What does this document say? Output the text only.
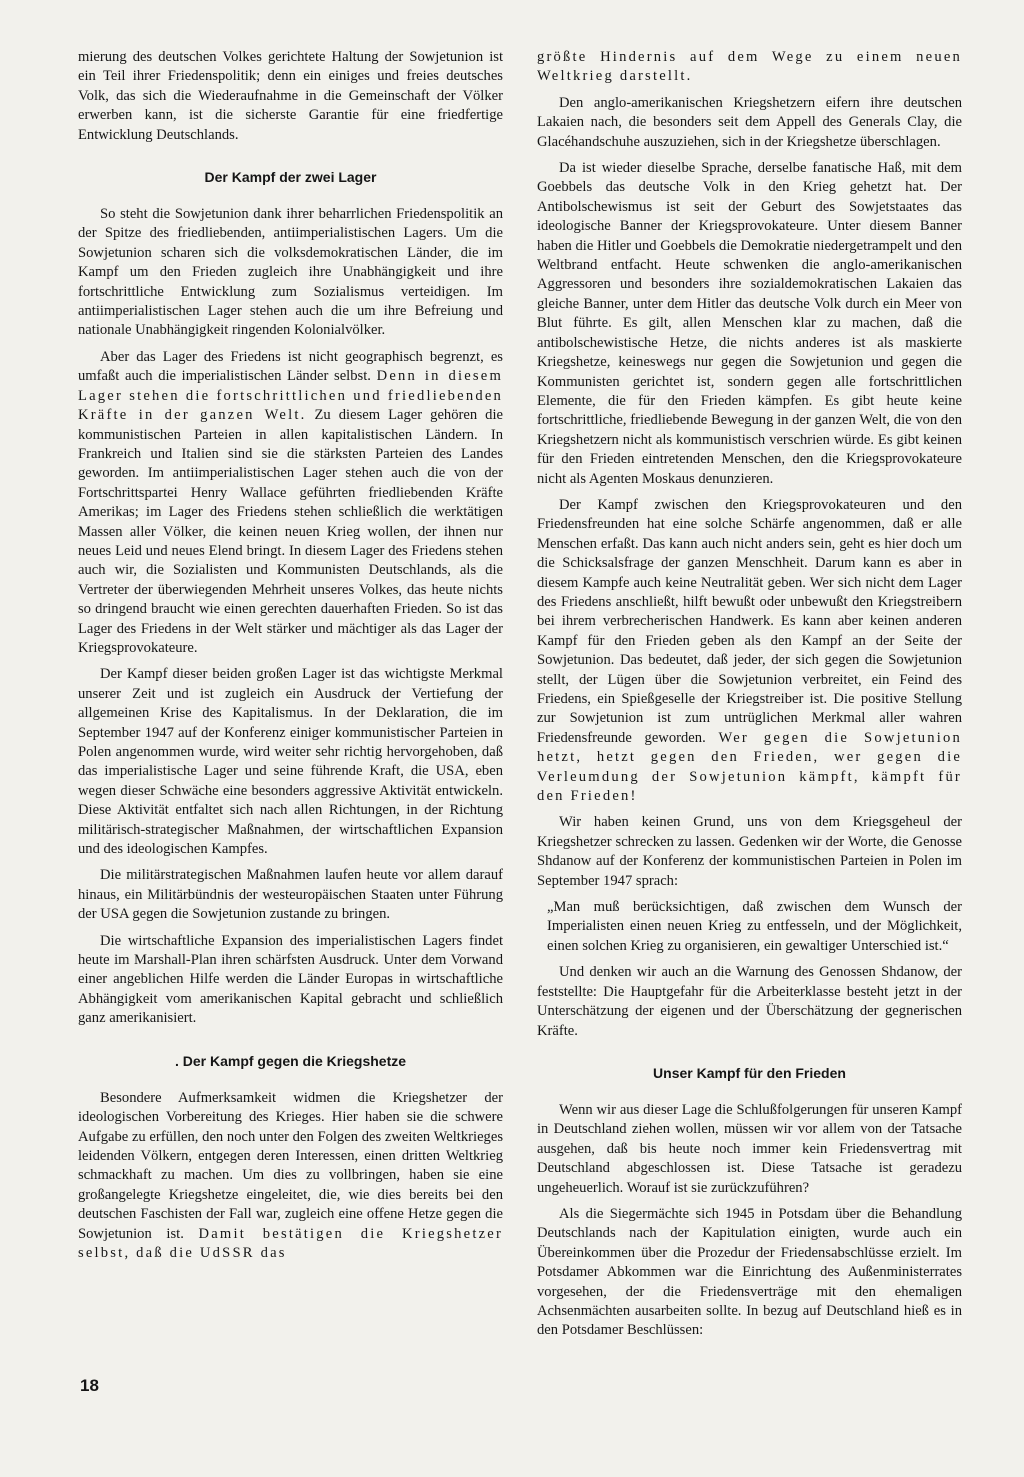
mierung des deutschen Volkes gerichtete Haltung der Sowjetunion ist ein Teil ihrer Friedenspolitik; denn ein einiges und freies deutsches Volk, das sich die Wiederaufnahme in die Gemeinschaft der Völker erwerben kann, ist die sicherste Garantie für eine friedfertige Entwicklung Deutschlands.

Der Kampf der zwei Lager

So steht die Sowjetunion dank ihrer beharrlichen Friedenspolitik an der Spitze des friedliebenden, antiimperialistischen Lagers. Um die Sowjetunion scharen sich die volksdemokratischen Länder, die im Kampf um den Frieden zugleich ihre Unabhängigkeit und ihre fortschrittliche Entwicklung zum Sozialismus verteidigen. Im antiimperialistischen Lager stehen auch die um ihre Befreiung und nationale Unabhängigkeit ringenden Kolonialvölker.

Aber das Lager des Friedens ist nicht geographisch begrenzt, es umfaßt auch die imperialistischen Länder selbst. Denn in diesem Lager stehen die fortschrittlichen und friedliebenden Kräfte in der ganzen Welt. Zu diesem Lager gehören die kommunistischen Parteien in allen kapitalistischen Ländern. In Frankreich und Italien sind sie die stärksten Parteien des Landes geworden. Im antiimperialistischen Lager stehen auch die von der Fortschrittspartei Henry Wallace geführten friedliebenden Kräfte Amerikas; im Lager des Friedens stehen schließlich die werktätigen Massen aller Völker, die keinen neuen Krieg wollen, der ihnen nur neues Leid und neues Elend bringt. In diesem Lager des Friedens stehen auch wir, die Sozialisten und Kommunisten Deutschlands, als die Vertreter der überwiegenden Mehrheit unseres Volkes, das heute nichts so dringend braucht wie einen gerechten dauerhaften Frieden. So ist das Lager des Friedens in der Welt stärker und mächtiger als das Lager der Kriegsprovokateure.

Der Kampf dieser beiden großen Lager ist das wichtigste Merkmal unserer Zeit und ist zugleich ein Ausdruck der Vertiefung der allgemeinen Krise des Kapitalismus. In der Deklaration, die im September 1947 auf der Konferenz einiger kommunistischer Parteien in Polen angenommen wurde, wird weiter sehr richtig hervorgehoben, daß das imperialistische Lager und seine führende Kraft, die USA, eben wegen dieser Schwäche eine besonders aggressive Aktivität entwickeln. Diese Aktivität entfaltet sich nach allen Richtungen, in der Richtung militärisch-strategischer Maßnahmen, der wirtschaftlichen Expansion und des ideologischen Kampfes.

Die militärstrategischen Maßnahmen laufen heute vor allem darauf hinaus, ein Militärbündnis der westeuropäischen Staaten unter Führung der USA gegen die Sowjetunion zustande zu bringen.

Die wirtschaftliche Expansion des imperialistischen Lagers findet heute im Marshall-Plan ihren schärfsten Ausdruck. Unter dem Vorwand einer angeblichen Hilfe werden die Länder Europas in wirtschaftliche Abhängigkeit vom amerikanischen Kapital gebracht und schließlich ganz amerikanisiert.

. Der Kampf gegen die Kriegshetze

Besondere Aufmerksamkeit widmen die Kriegshetzer der ideologischen Vorbereitung des Krieges. Hier haben sie die schwere Aufgabe zu erfüllen, den noch unter den Folgen des zweiten Weltkrieges leidenden Völkern, entgegen deren Interessen, einen dritten Weltkrieg schmackhaft zu machen. Um dies zu vollbringen, haben sie eine großangelegte Kriegshetze eingeleitet, die, wie dies bereits bei den deutschen Faschisten der Fall war, zugleich eine offene Hetze gegen die Sowjetunion ist. Damit bestätigen die Kriegshetzer selbst, daß die UdSSR das

größte Hindernis auf dem Wege zu einem neuen Weltkrieg darstellt.

Den anglo-amerikanischen Kriegshetzern eifern ihre deutschen Lakaien nach, die besonders seit dem Appell des Generals Clay, die Glacéhandschuhe auszuziehen, sich in der Kriegshetze überschlagen.

Da ist wieder dieselbe Sprache, derselbe fanatische Haß, mit dem Goebbels das deutsche Volk in den Krieg gehetzt hat. Der Antibolschewismus ist seit der Geburt des Sowjetstaates das ideologische Banner der Kriegsprovokateure. Unter diesem Banner haben die Hitler und Goebbels die Demokratie niedergetrampelt und den Weltbrand entfacht. Heute schwenken die anglo-amerikanischen Aggressoren und besonders ihre sozialdemokratischen Lakaien das gleiche Banner, unter dem Hitler das deutsche Volk durch ein Meer von Blut führte. Es gilt, allen Menschen klar zu machen, daß die antibolschewistische Hetze, die nichts anderes ist als maskierte Kriegshetze, keineswegs nur gegen die Sowjetunion und gegen die Kommunisten gerichtet ist, sondern gegen alle fortschrittlichen Elemente, die für den Frieden kämpfen. Es gibt heute keine fortschrittliche, friedliebende Bewegung in der ganzen Welt, die von den Kriegshetzern nicht als kommunistisch verschrien würde. Es gibt keinen für den Frieden eintretenden Menschen, den die Kriegsprovokateure nicht als Agenten Moskaus denunzieren.

Der Kampf zwischen den Kriegsprovokateuren und den Friedensfreunden hat eine solche Schärfe angenommen, daß er alle Menschen erfaßt. Das kann auch nicht anders sein, geht es hier doch um die Schicksalsfrage der ganzen Menschheit. Darum kann es aber in diesem Kampfe auch keine Neutralität geben. Wer sich nicht dem Lager des Friedens anschließt, hilft bewußt oder unbewußt den Kriegstreibern bei ihrem verbrecherischen Handwerk. Es kann aber keinen anderen Kampf für den Frieden geben als den Kampf an der Seite der Sowjetunion. Das bedeutet, daß jeder, der sich gegen die Sowjetunion stellt, der Lügen über die Sowjetunion verbreitet, ein Feind des Friedens, ein Spießgeselle der Kriegstreiber ist. Die positive Stellung zur Sowjetunion ist zum untrüglichen Merkmal aller wahren Friedensfreunde geworden. Wer gegen die Sowjetunion hetzt, hetzt gegen den Frieden, wer gegen die Verleumdung der Sowjetunion kämpft, kämpft für den Frieden!

Wir haben keinen Grund, uns von dem Kriegsgeheul der Kriegshetzer schrecken zu lassen. Gedenken wir der Worte, die Genosse Shdanow auf der Konferenz der kommunistischen Parteien in Polen im September 1947 sprach:

„Man muß berücksichtigen, daß zwischen dem Wunsch der Imperialisten einen neuen Krieg zu entfesseln, und der Möglichkeit, einen solchen Krieg zu organisieren, ein gewaltiger Unterschied ist.“

Und denken wir auch an die Warnung des Genossen Shdanow, der feststellte: Die Hauptgefahr für die Arbeiterklasse besteht jetzt in der Unterschätzung der eigenen und der Überschätzung der gegnerischen Kräfte.

Unser Kampf für den Frieden

Wenn wir aus dieser Lage die Schlußfolgerungen für unseren Kampf in Deutschland ziehen wollen, müssen wir vor allem von der Tatsache ausgehen, daß bis heute noch immer kein Friedensvertrag mit Deutschland abgeschlossen ist. Diese Tatsache ist geradezu ungeheuerlich. Worauf ist sie zurückzuführen?

Als die Siegermächte sich 1945 in Potsdam über die Behandlung Deutschlands nach der Kapitulation einigten, wurde auch ein Übereinkommen über die Prozedur der Friedensabschlüsse erzielt. Im Potsdamer Abkommen war die Einrichtung des Außenministerrates vorgesehen, der die Friedensverträge mit den ehemaligen Achsenmächten ausarbeiten sollte. In bezug auf Deutschland hieß es in den Potsdamer Beschlüssen:

18
